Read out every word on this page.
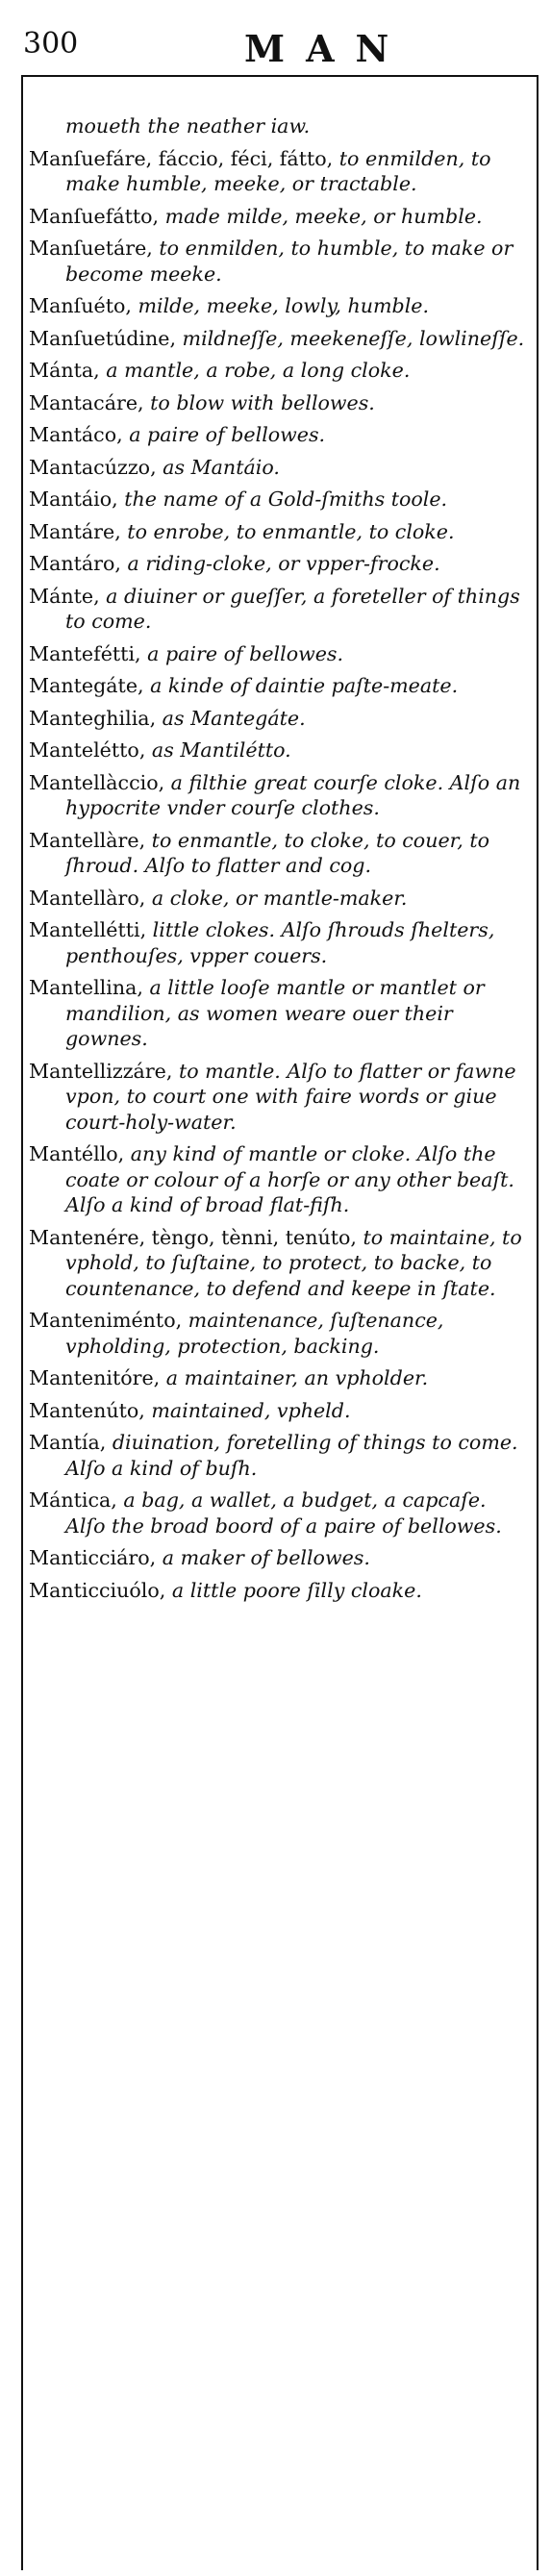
300	MAN

moueth the neather iaw.

Manſuefáre, fáccio, féci, fátto, to enmilden, to make humble, meeke, or tractable.

Manſuefátto, made milde, meeke, or humble.

Manſuetáre, to enmilden, to humble, to make or become meeke.

Manſuéto, milde, meeke, lowly, humble.

Manſuetúdine, mildneſſe, meekeneſſe, lowlineſſe.

Mánta, a mantle, a robe, a long cloke.

Mantacáre, to blow with bellowes.

Mantáco, a paire of bellowes.

Mantacúzzo, as Mantáio.

Mantáio, the name of a Gold-ſmiths toole.

Mantáre, to enrobe, to enmantle, to cloke.

Mantáro, a riding-cloke, or vpper-frocke.

Mánte, a diuiner or gueſſer, a foreteller of things to come.

Mantefétti, a paire of bellowes.

Mantegáte, a kinde of daintie paſte-meate.

Manteghilia, as Mantegáte.

Mantelétto, as Mantilétto.

Mantellàccio, a filthie great courſe cloke. Alſo an hypocrite vnder courſe clothes.

Mantellàre, to enmantle, to cloke, to couer, to ſhroud. Alſo to flatter and cog.

Mantellàro, a cloke, or mantle-maker.

Mantellétti, little clokes. Alſo ſhrouds ſhelters, penthouſes, vpper couers.

Mantellina, a little looſe mantle or mantlet or mandilion, as women weare ouer their gownes.

Mantellizzáre, to mantle. Alſo to flatter or fawne vpon, to court one with faire words or giue court-holy-water.

Mantéllo, any kind of mantle or cloke. Alſo the coate or colour of a horſe or any other beaſt. Alſo a kind of broad flat-fiſh.

Mantenére, tèngo, tènni, tenúto, to maintaine, to vphold, to ſuſtaine, to protect, to backe, to countenance, to defend and keepe in ſtate.

Manteniménto, maintenance, ſuſtenance, vpholding, protection, backing.

Mantenitóre, a maintainer, an vpholder.

Mantenúto, maintained, vpheld.

Mantía, diuination, foretelling of things to come. Alſo a kind of buſh.

Mántica, a bag, a wallet, a budget, a capcaſe. Alſo the broad boord of a paire of bellowes.

Manticciáro, a maker of bellowes.

Manticciuólo, a little poore ſilly cloake.
